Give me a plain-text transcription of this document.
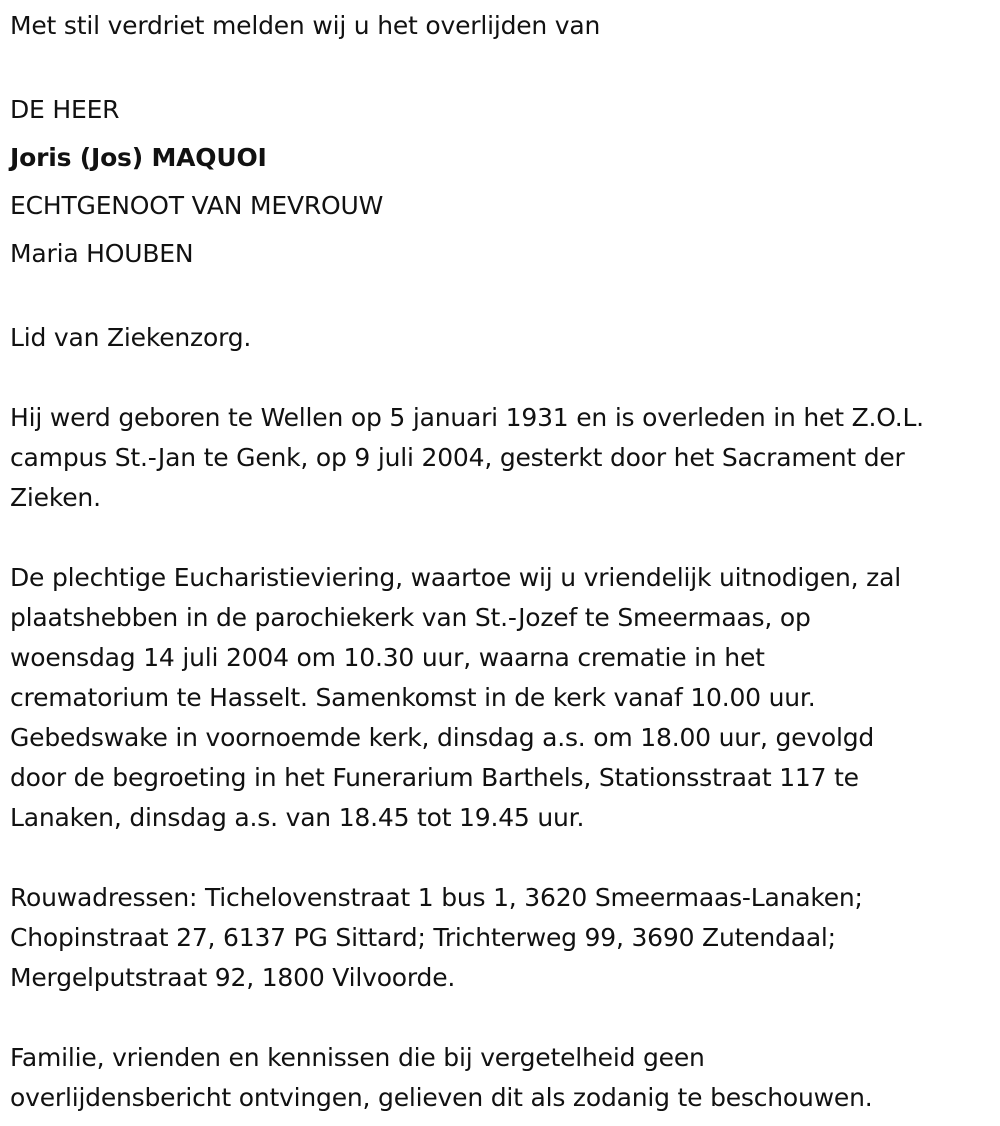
Met stil verdriet melden wij u het overlijden van
DE HEER
Joris (Jos) MAQUOI
ECHTGENOOT VAN MEVROUW
Maria HOUBEN
Lid van Ziekenzorg.
Hij werd geboren te Wellen op 5 januari 1931 en is overleden in het Z.O.L.
campus St.-Jan te Genk, op 9 juli 2004, gesterkt door het Sacrament der
Zieken.
De plechtige Eucharistieviering, waartoe wij u vriendelijk uitnodigen, zal
plaatshebben in de parochiekerk van St.-Jozef te Smeermaas, op
woensdag 14 juli 2004 om 10.30 uur, waarna crematie in het
crematorium te Hasselt. Samenkomst in de kerk vanaf 10.00 uur.
Gebedswake in voornoemde kerk, dinsdag a.s. om 18.00 uur, gevolgd
door de begroeting in het Funerarium Barthels, Stationsstraat 117 te
Lanaken, dinsdag a.s. van 18.45 tot 19.45 uur.
Rouwadressen: Tichelovenstraat 1 bus 1, 3620 Smeermaas-Lanaken;
Chopinstraat 27, 6137 PG Sittard; Trichterweg 99, 3690 Zutendaal;
Mergelputstraat 92, 1800 Vilvoorde.
Familie, vrienden en kennissen die bij vergetelheid geen
overlijdensbericht ontvingen, gelieven dit als zodanig te beschouwen.
